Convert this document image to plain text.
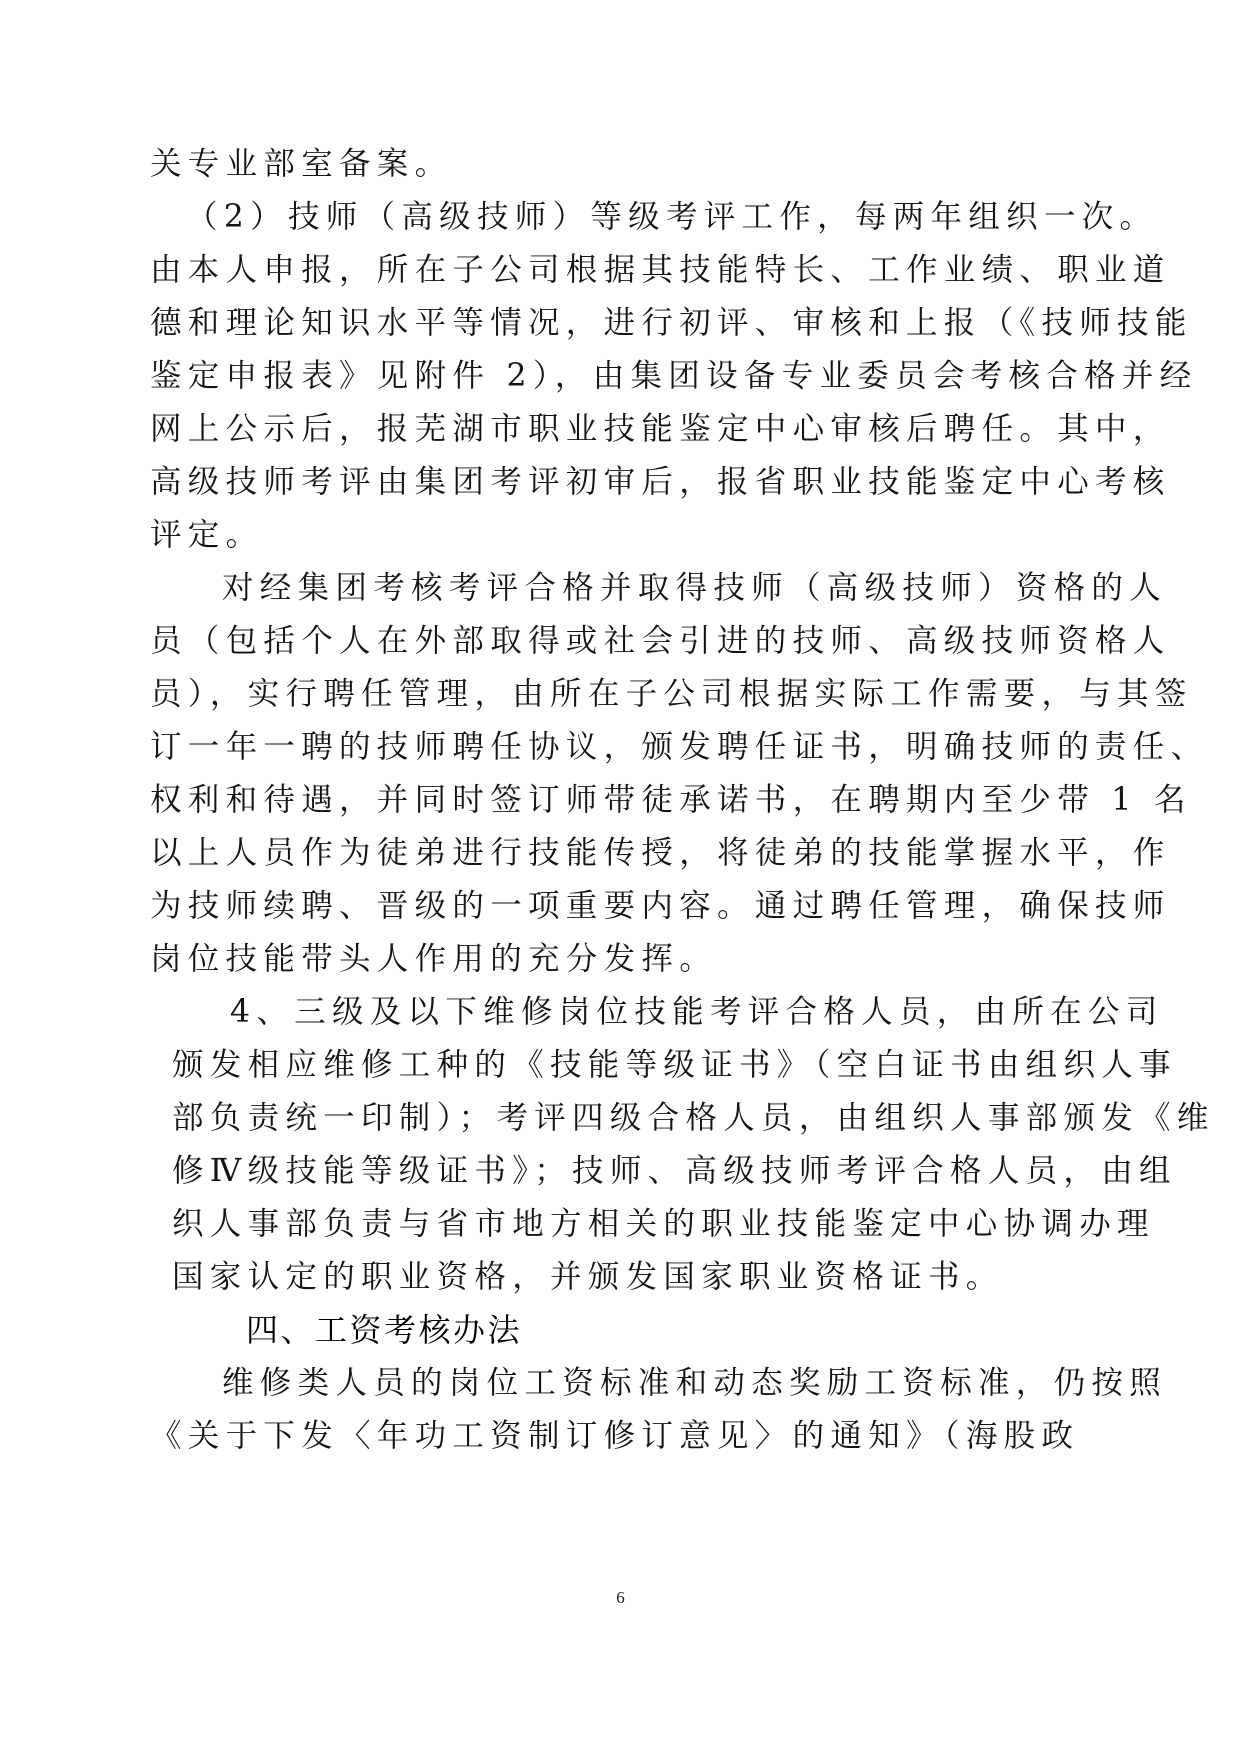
关专业部室备案。
（2）技师（高级技师）等级考评工作，每两年组织一次。
由本人申报，所在子公司根据其技能特长、工作业绩、职业道
德和理论知识水平等情况，进行初评、审核和上报（《技师技能
鉴定申报表》见附件 2），由集团设备专业委员会考核合格并经
网上公示后，报芜湖市职业技能鉴定中心审核后聘任。其中，
高级技师考评由集团考评初审后，报省职业技能鉴定中心考核
评定。
对经集团考核考评合格并取得技师（高级技师）资格的人
员（包括个人在外部取得或社会引进的技师、高级技师资格人
员），实行聘任管理，由所在子公司根据实际工作需要，与其签
订一年一聘的技师聘任协议，颁发聘任证书，明确技师的责任、
权利和待遇，并同时签订师带徒承诺书，在聘期内至少带 1 名
以上人员作为徒弟进行技能传授，将徒弟的技能掌握水平，作
为技师续聘、晋级的一项重要内容。通过聘任管理，确保技师
岗位技能带头人作用的充分发挥。
4、三级及以下维修岗位技能考评合格人员，由所在公司
颁发相应维修工种的《技能等级证书》（空白证书由组织人事
部负责统一印制）；考评四级合格人员，由组织人事部颁发《维
修Ⅳ级技能等级证书》；技师、高级技师考评合格人员，由组
织人事部负责与省市地方相关的职业技能鉴定中心协调办理
国家认定的职业资格，并颁发国家职业资格证书。
四、工资考核办法
维修类人员的岗位工资标准和动态奖励工资标准，仍按照
《关于下发〈年功工资制订修订意见〉的通知》（海股政
6
